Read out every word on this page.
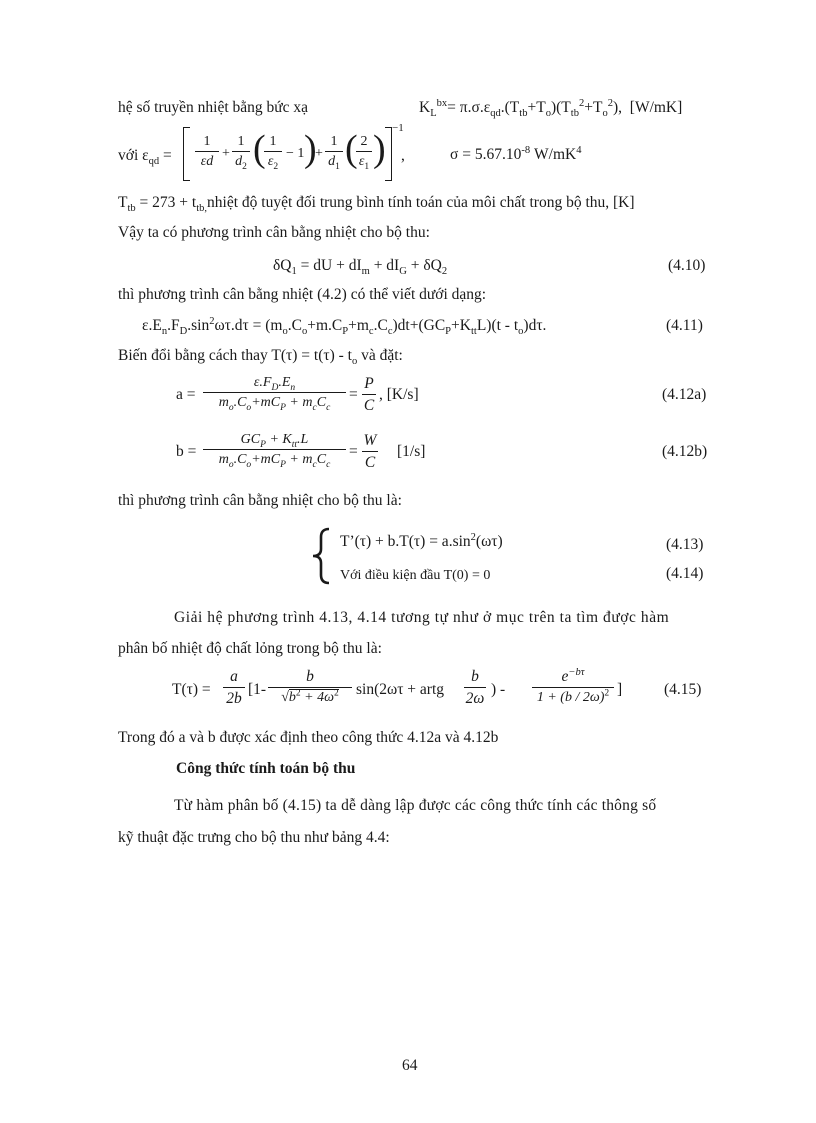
hệ số truyền nhiệt bằng bức xạ	$K_L^{bx}= \pi.\sigma.\varepsilon_{qd}.(T_{tb}+T_o)(T_{tb}^2+T_o^2)$,  [W/mK]
với $\varepsilon_{qd}$ =
1
εd
+
1
$d_2$ ( 1
$\varepsilon_2$
− 1 )
+
1
$d_1$ ( 2
$\varepsilon_1$ ) −1
,	$\sigma = 5.67.10^{-8}$ $W/mK^4$
$T_{tb} = 273$ + $t_{tb,}nhiệt$ độ tuyệt đối trung bình tính toán của môi chất trong bộ thu, [K]
Vậy ta có phương trình cân bằng nhiệt cho bộ thu:
$\delta Q_1$ = dU + $dI_m + dI_G + \delta Q_2$	(4.10)
thì phương trình cân bằng nhiệt (4.2) có thể viết dưới dạng:
$\varepsilon.E_n.F_D.\sin^2\omega\tau.d\tau = (m_o.C_o+m.C_P+m_c.C_c)dt+(GC_P+K_{tt}L)(t - t_o)d\tau$.	(4.11)
Biến đổi bằng cách thay $T(\tau) = t(\tau) - t_o$ và đặt:
a =
$\varepsilon.F_D.E_n$
$m_o.C_o+mC_P + m_cC_c$
=
P
C
, [K/s]	(4.12a)
b =
$GC_P + K_{tt}.L$
$m_o.C_o+mC_P + m_cC_c$
=
W
C
[1/s]	(4.12b)
thì phương trình cân bằng nhiệt cho bộ thu là:
T’(τ) + $b.T(\tau) = a.\sin^2(\omega\tau)$	(4.13)
Với điều kiện đầu T(0) = 0	(4.14)
Giải hệ phương trình 4.13, 4.14 tương tự như ở mục trên ta tìm được hàm
phân bố nhiệt độ chất lỏng trong bộ thu là:
T(τ) =
a
2b
[1-
b
$√b^2 + 4\omega^2$	sin(2ωτ + artg
b
2ω
) -
$e^{-b\tau}$
1 + (b / 2ω)$^2$ ]	(4.15)
Trong đó a và b được xác định theo công thức 4.12a và 4.12b
Công thức tính toán bộ thu
Từ hàm phân bố (4.15) ta dễ dàng lập được các công thức tính các thông số
kỹ thuật đặc trưng cho bộ thu như bảng 4.4:
64
